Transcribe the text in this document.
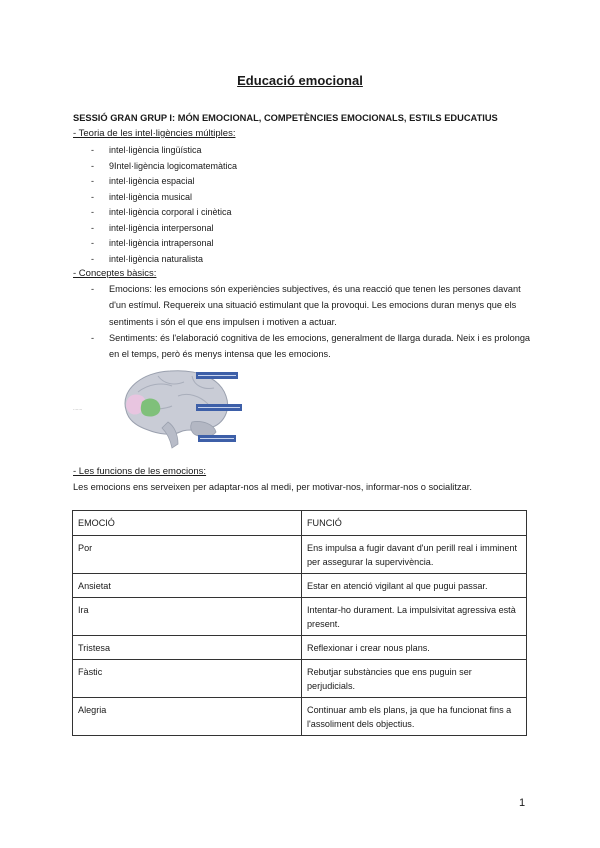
Educació emocional
SESSIÓ GRAN GRUP I: MÓN EMOCIONAL, COMPETÈNCIES EMOCIONALS, ESTILS EDUCATIUS
- Teoria de les intel·ligències múltiples:
-	intel·ligència lingüística
-	9Intel·ligència logicomatemàtica
-	intel·ligència espacial
-	intel·ligència musical
-	intel·ligència corporal i cinètica
-	intel·ligència interpersonal
-	intel·ligència intrapersonal
-	intel·ligència naturalista
- Conceptes bàsics:
- Emocions: les emocions són experiències subjectives, és una reacció que tenen les persones davant d'un estímul. Requereix una situació estimulant que la provoqui. Les emocions duran menys que els sentiments i són el que ens impulsen i motiven a actuar.
- Sentiments: és l'elaboració cognitiva de les emocions, generalment de llarga durada. Neix i es prolonga en el temps, però és menys intensa que les emocions.
·······
- Les funcions de les emocions:
Les emocions ens serveixen per adaptar-nos al medi, per motivar-nos, informar-nos o socialitzar.
EMOCIÓ	FUNCIÓ
Por	Ens impulsa a fugir davant d'un perill real i imminent per assegurar la supervivència.
Ansietat	Estar en atenció vigilant al que pugui passar.
Ira	Intentar-ho durament. La impulsivitat agressiva està present.
Tristesa	Reflexionar i crear nous plans.
Fàstic	Rebutjar substàncies que ens puguin ser perjudicials.
Alegria	Continuar amb els plans, ja que ha funcionat fins a l'assoliment dels objectius.
1
